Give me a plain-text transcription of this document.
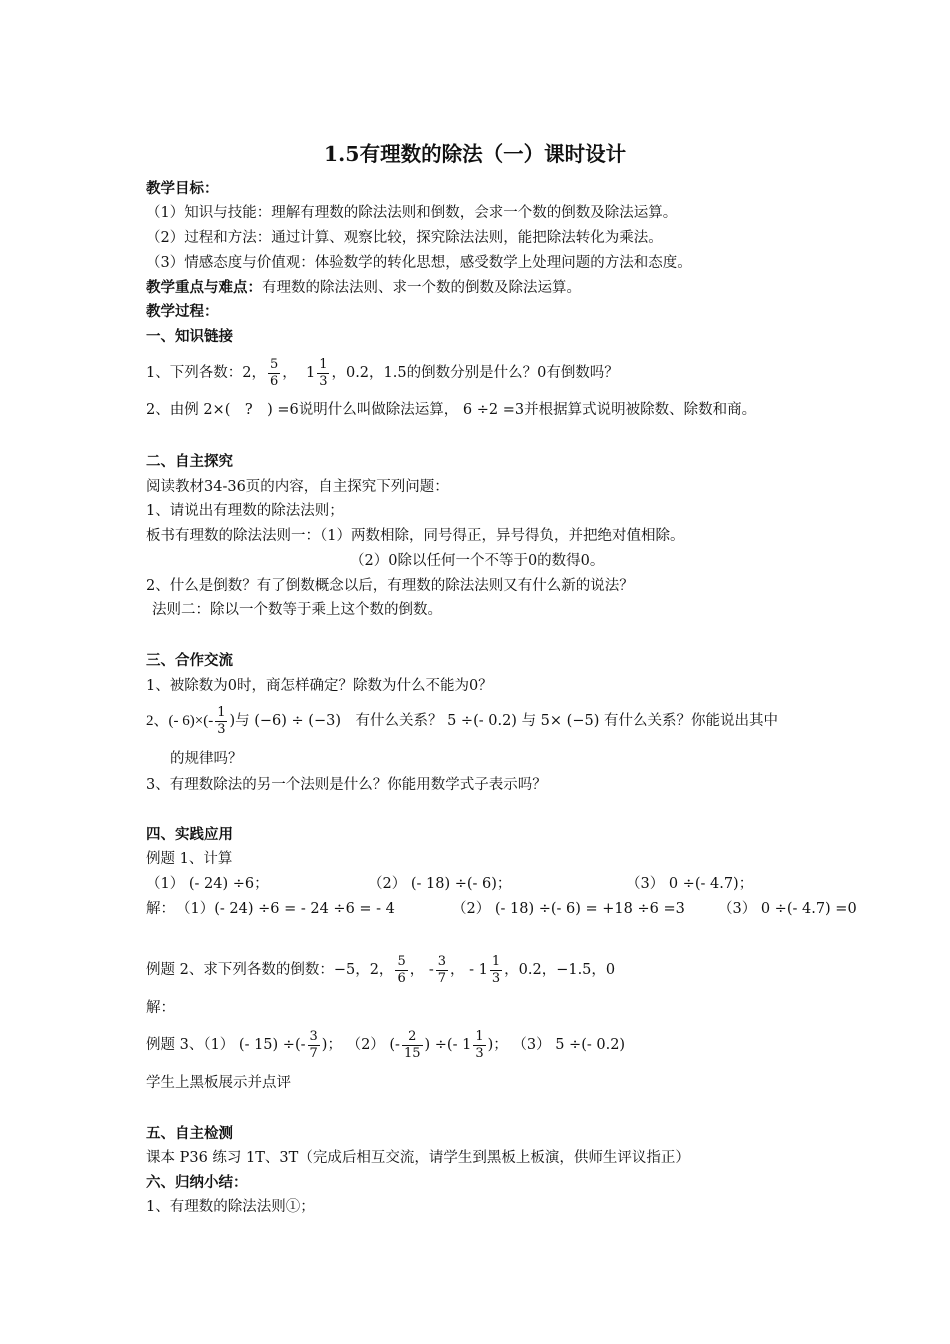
1.5有理数的除法（一）课时设计
教学目标：
（1）知识与技能：理解有理数的除法法则和倒数，会求一个数的倒数及除法运算。
（2）过程和方法：通过计算、观察比较，探究除法法则，能把除法转化为乘法。
（3）情感态度与价值观：体验数学的转化思想，感受数学上处理问题的方法和态度。
教学重点与难点：有理数的除法法则、求一个数的倒数及除法运算。
教学过程：
一、知识链接
1、下列各数：2， $\frac{5}{6}$ ， $1 \frac{1}{3}$ ，0.2，1.5的倒数分别是什么？0有倒数吗？
2、由例 2×(　?　) =6说明什么叫做除法运算， 6 ÷2 =3并根据算式说明被除数、除数和商。
二、自主探究
阅读教材34-36页的内容，自主探究下列问题：
1、请说出有理数的除法法则；
板书有理数的除法法则一：（1）两数相除，同号得正，异号得负，并把绝对值相除。
（2）0除以任何一个不等于0的数得0。
2、什么是倒数？有了倒数概念以后，有理数的除法法则又有什么新的说法？
法则二：除以一个数等于乘上这个数的倒数。
三、合作交流
1、被除数为0时，商怎样确定？除数为什么不能为0？
2、(- $6)\times(- \frac{1}{3}$ )与 (−6) ÷ (−3)　有什么关系？ 5 ÷(- 0.2) 与 5× (−5) 有什么关系？你能说出其中
的规律吗？
3、有理数除法的另一个法则是什么？你能用数学式子表示吗？
四、实践应用
例题 1、计算
（1） (- 24) ÷6；	（2） (- 18) ÷(- 6)；	（3） 0 ÷(- 4.7)；
解： （1）(- 24) ÷6 = - 24 ÷6 = - 4	（2） (- 18) ÷(- 6) = +18 ÷6 =3 （3） 0 ÷(- 4.7) =0
例题 2、求下列各数的倒数：−5，2， $\frac{5}{6}$ ， - $\frac{3}{7}$ ， - $1 \frac{1}{3}$ ，0.2，−1.5，0
解：
例题 3、（1） (- 15) ÷(- $\frac{3}{7}$ )； （2） (- $\frac{2}{15}$ ) ÷(- $1 \frac{1}{3}$ )； （3） 5 ÷(- 0.2)
学生上黑板展示并点评
五、自主检测
课本 P36 练习 1T、3T（完成后相互交流，请学生到黑板上板演，供师生评议指正）
六、归纳小结：
1、有理数的除法法则①；
